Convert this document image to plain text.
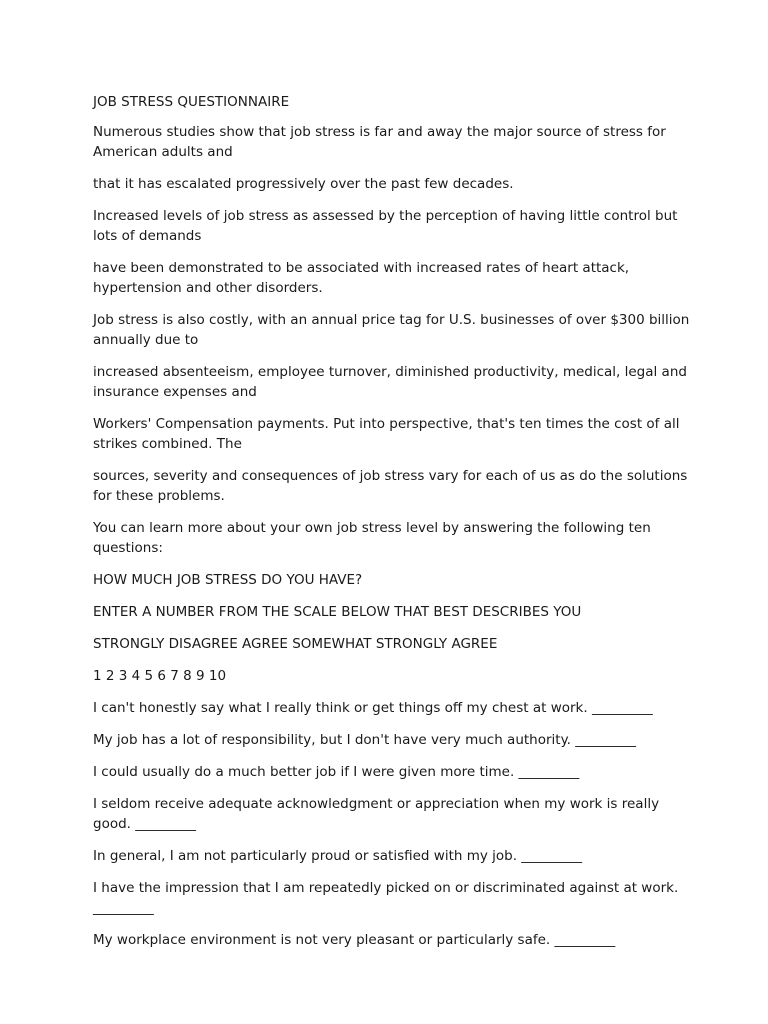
JOB STRESS QUESTIONNAIRE

Numerous studies show that job stress is far and away the major source of stress for American adults and

that it has escalated progressively over the past few decades.

Increased levels of job stress as assessed by the perception of having little control but lots of demands

have been demonstrated to be associated with increased rates of heart attack, hypertension and other disorders.

Job stress is also costly, with an annual price tag for U.S. businesses of over $300 billion annually due to

increased absenteeism, employee turnover, diminished productivity, medical, legal and insurance expenses and

Workers' Compensation payments. Put into perspective, that's ten times the cost of all strikes combined. The

sources, severity and consequences of job stress vary for each of us as do the solutions for these problems.

You can learn more about your own job stress level by answering the following ten questions:

HOW MUCH JOB STRESS DO YOU HAVE?

ENTER A NUMBER FROM THE SCALE BELOW THAT BEST DESCRIBES YOU

STRONGLY DISAGREE AGREE SOMEWHAT STRONGLY AGREE

1 2 3 4 5 6 7 8 9 10

I can't honestly say what I really think or get things off my chest at work. _________

My job has a lot of responsibility, but I don't have very much authority. _________

I could usually do a much better job if I were given more time. _________

I seldom receive adequate acknowledgment or appreciation when my work is really good. _________

In general, I am not particularly proud or satisfied with my job. _________

I have the impression that I am repeatedly picked on or discriminated against at work. _________

My workplace environment is not very pleasant or particularly safe. _________
